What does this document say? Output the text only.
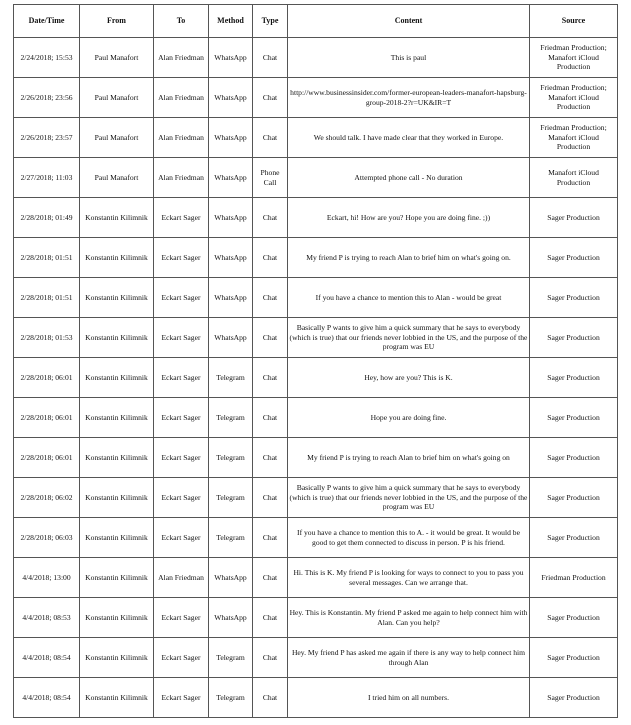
Date/Time	From	To	Method	Type	Content	Source
2/24/2018; 15:53	Paul Manafort	Alan Friedman	WhatsApp	Chat	This is paul	Friedman Production; Manafort iCloud Production
2/26/2018; 23:56	Paul Manafort	Alan Friedman	WhatsApp	Chat	http://www.businessinsider.com/former-european-leaders-manafort-hapsburg-group-2018-2?r=UK&IR=T	Friedman Production; Manafort iCloud Production
2/26/2018; 23:57	Paul Manafort	Alan Friedman	WhatsApp	Chat	We should talk. I have made clear that they worked in Europe.	Friedman Production; Manafort iCloud Production
2/27/2018; 11:03	Paul Manafort	Alan Friedman	WhatsApp	Phone Call	Attempted phone call - No duration	Manafort iCloud Production
2/28/2018; 01:49	Konstantin Kilimnik	Eckart Sager	WhatsApp	Chat	Eckart, hi! How are you? Hope you are doing fine. ;))	Sager Production
2/28/2018; 01:51	Konstantin Kilimnik	Eckart Sager	WhatsApp	Chat	My friend P is trying to reach Alan to brief him on what's going on.	Sager Production
2/28/2018; 01:51	Konstantin Kilimnik	Eckart Sager	WhatsApp	Chat	If you have a chance to mention this to Alan - would be great	Sager Production
2/28/2018; 01:53	Konstantin Kilimnik	Eckart Sager	WhatsApp	Chat	Basically P wants to give him a quick summary that he says to everybody (which is true) that our friends never lobbied in the US, and the purpose of the program was EU	Sager Production
2/28/2018; 06:01	Konstantin Kilimnik	Eckart Sager	Telegram	Chat	Hey, how are you? This is K.	Sager Production
2/28/2018; 06:01	Konstantin Kilimnik	Eckart Sager	Telegram	Chat	Hope you are doing fine.	Sager Production
2/28/2018; 06:01	Konstantin Kilimnik	Eckart Sager	Telegram	Chat	My friend P is trying to reach Alan to brief him on what's going on	Sager Production
2/28/2018; 06:02	Konstantin Kilimnik	Eckart Sager	Telegram	Chat	Basically P wants to give him a quick summary that he says to everybody (which is true) that our friends never lobbied in the US, and the purpose of the program was EU	Sager Production
2/28/2018; 06:03	Konstantin Kilimnik	Eckart Sager	Telegram	Chat	If you have a chance to mention this to A. - it would be great. It would be good to get them connected to discuss in person. P is his friend.	Sager Production
4/4/2018; 13:00	Konstantin Kilimnik	Alan Friedman	WhatsApp	Chat	Hi. This is K. My friend P is looking for ways to connect to you to pass you several messages. Can we arrange that.	Friedman Production
4/4/2018; 08:53	Konstantin Kilimnik	Eckart Sager	WhatsApp	Chat	Hey. This is Konstantin. My friend P asked me again to help connect him with Alan. Can you help?	Sager Production
4/4/2018; 08:54	Konstantin Kilimnik	Eckart Sager	Telegram	Chat	Hey. My friend P has asked me again if there is any way to help connect him through Alan	Sager Production
4/4/2018; 08:54	Konstantin Kilimnik	Eckart Sager	Telegram	Chat	I tried him on all numbers.	Sager Production
